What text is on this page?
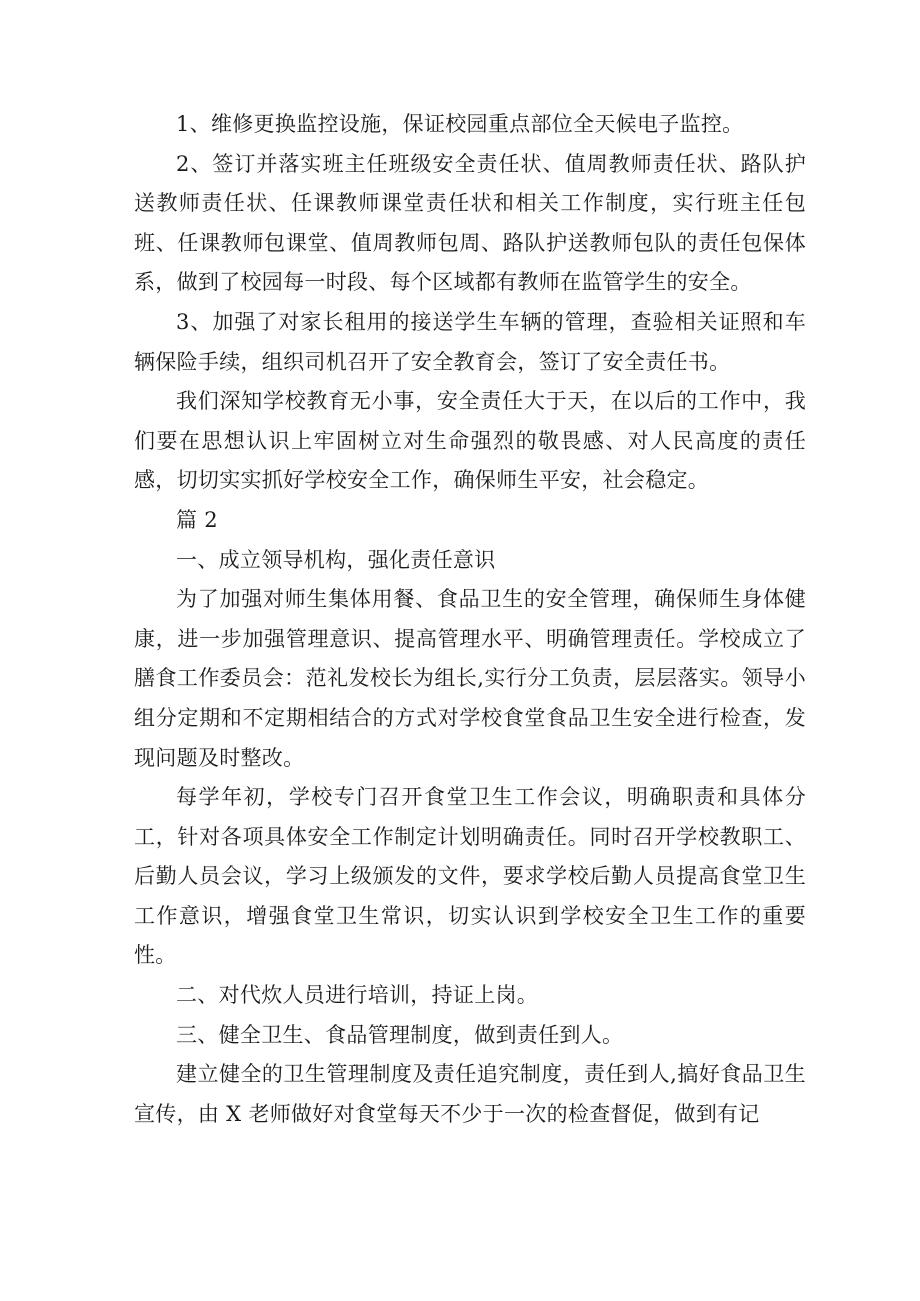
1、维修更换监控设施，保证校园重点部位全天候电子监控。

2、签订并落实班主任班级安全责任状、值周教师责任状、路队护送教师责任状、任课教师课堂责任状和相关工作制度，实行班主任包班、任课教师包课堂、值周教师包周、路队护送教师包队的责任包保体系，做到了校园每一时段、每个区域都有教师在监管学生的安全。

3、加强了对家长租用的接送学生车辆的管理，查验相关证照和车辆保险手续，组织司机召开了安全教育会，签订了安全责任书。

我们深知学校教育无小事，安全责任大于天，在以后的工作中，我们要在思想认识上牢固树立对生命强烈的敬畏感、对人民高度的责任感，切切实实抓好学校安全工作，确保师生平安，社会稳定。

篇 2

一、成立领导机构，强化责任意识

为了加强对师生集体用餐、食品卫生的安全管理，确保师生身体健康，进一步加强管理意识、提高管理水平、明确管理责任。学校成立了膳食工作委员会：范礼发校长为组长,实行分工负责，层层落实。领导小组分定期和不定期相结合的方式对学校食堂食品卫生安全进行检查，发现问题及时整改。

每学年初，学校专门召开食堂卫生工作会议，明确职责和具体分工，针对各项具体安全工作制定计划明确责任。同时召开学校教职工、后勤人员会议，学习上级颁发的文件，要求学校后勤人员提高食堂卫生工作意识，增强食堂卫生常识，切实认识到学校安全卫生工作的重要性。

二、对代炊人员进行培训，持证上岗。

三、健全卫生、食品管理制度，做到责任到人。

建立健全的卫生管理制度及责任追究制度，责任到人,搞好食品卫生宣传，由 X 老师做好对食堂每天不少于一次的检查督促，做到有记
